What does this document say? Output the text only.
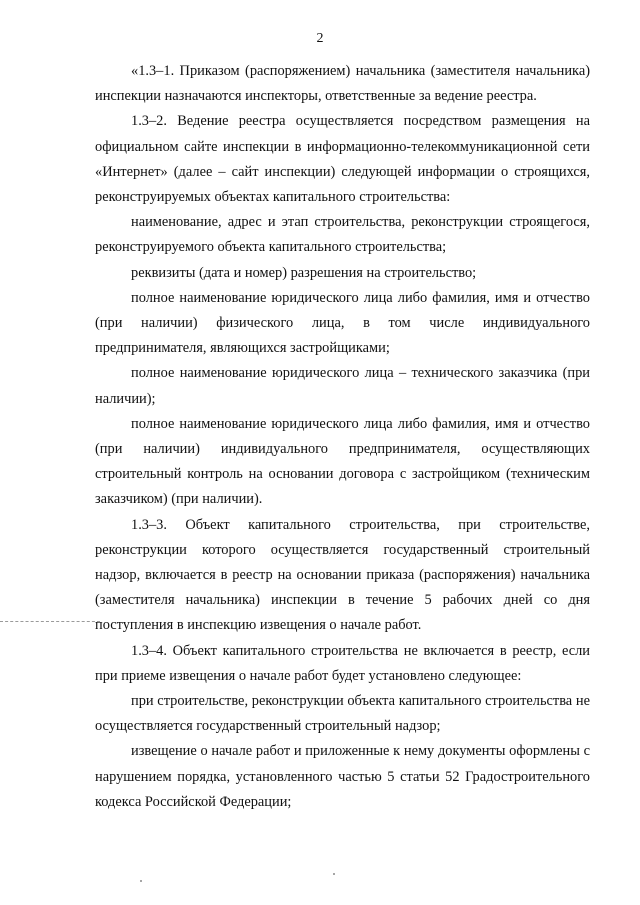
2

«1.3–1. Приказом (распоряжением) начальника (заместителя начальника) инспекции назначаются инспекторы, ответственные за ведение реестра.

1.3–2. Ведение реестра осуществляется посредством размещения на официальном сайте инспекции в информационно-телекоммуникационной сети «Интернет» (далее – сайт инспекции) следующей информации о строящихся, реконструируемых объектах капитального строительства:

наименование, адрес и этап строительства, реконструкции строящегося, реконструируемого объекта капитального строительства;

реквизиты (дата и номер) разрешения на строительство;

полное наименование юридического лица либо фамилия, имя и отчество (при наличии) физического лица, в том числе индивидуального предпринимателя, являющихся застройщиками;

полное наименование юридического лица – технического заказчика (при наличии);

полное наименование юридического лица либо фамилия, имя и отчество (при наличии) индивидуального предпринимателя, осуществляющих строительный контроль на основании договора с застройщиком (техническим заказчиком) (при наличии).

1.3–3. Объект капитального строительства, при строительстве, реконструкции которого осуществляется государственный строительный надзор, включается в реестр на основании приказа (распоряжения) начальника (заместителя начальника) инспекции в течение 5 рабочих дней со дня поступления в инспекцию извещения о начале работ.

1.3–4. Объект капитального строительства не включается в реестр, если при приеме извещения о начале работ будет установлено следующее:

при строительстве, реконструкции объекта капитального строительства не осуществляется государственный строительный надзор;

извещение о начале работ и приложенные к нему документы оформлены с нарушением порядка, установленного частью 5 статьи 52 Градостроительного кодекса Российской Федерации;
